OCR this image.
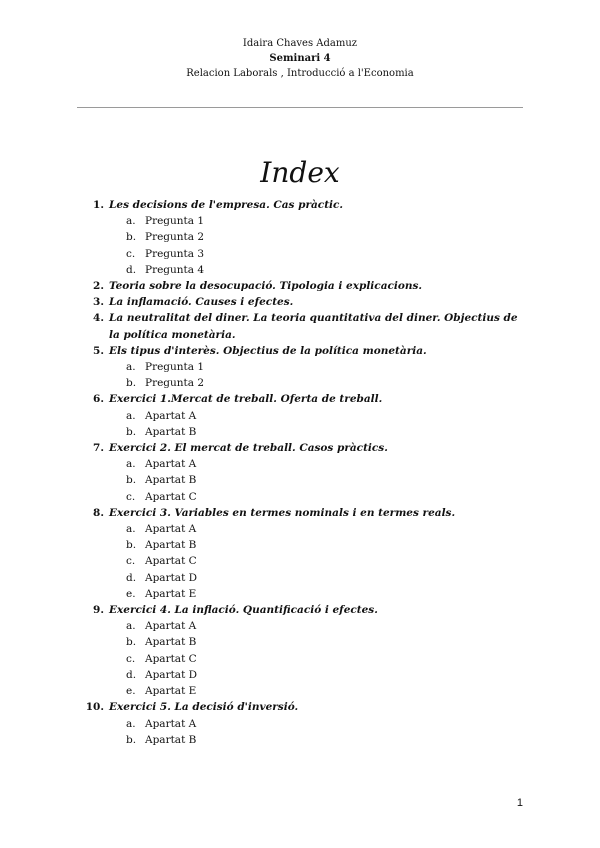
Idaira Chaves Adamuz
Seminari 4
Relacion Laborals , Introducció a l'Economia
Index
1. Les decisions de l'empresa. Cas pràctic.
a. Pregunta 1
b. Pregunta 2
c. Pregunta 3
d. Pregunta 4
2. Teoria sobre la desocupació. Tipologia i explicacions.
3. La inflamació. Causes i efectes.
4. La neutralitat del diner. La teoria quantitativa del diner. Objectius de la política monetària.
5. Els tipus d'interès. Objectius de la política monetària.
a. Pregunta 1
b. Pregunta 2
6. Exercici 1.Mercat de treball. Oferta de treball.
a. Apartat A
b. Apartat B
7. Exercici 2. El mercat de treball. Casos pràctics.
a. Apartat A
b. Apartat B
c. Apartat C
8. Exercici 3. Variables en termes nominals i en termes reals.
a. Apartat A
b. Apartat B
c. Apartat C
d. Apartat D
e. Apartat E
9. Exercici 4. La inflació. Quantificació i efectes.
a. Apartat A
b. Apartat B
c. Apartat C
d. Apartat D
e. Apartat E
10. Exercici 5. La decisió d'inversió.
a. Apartat A
b. Apartat B
1
